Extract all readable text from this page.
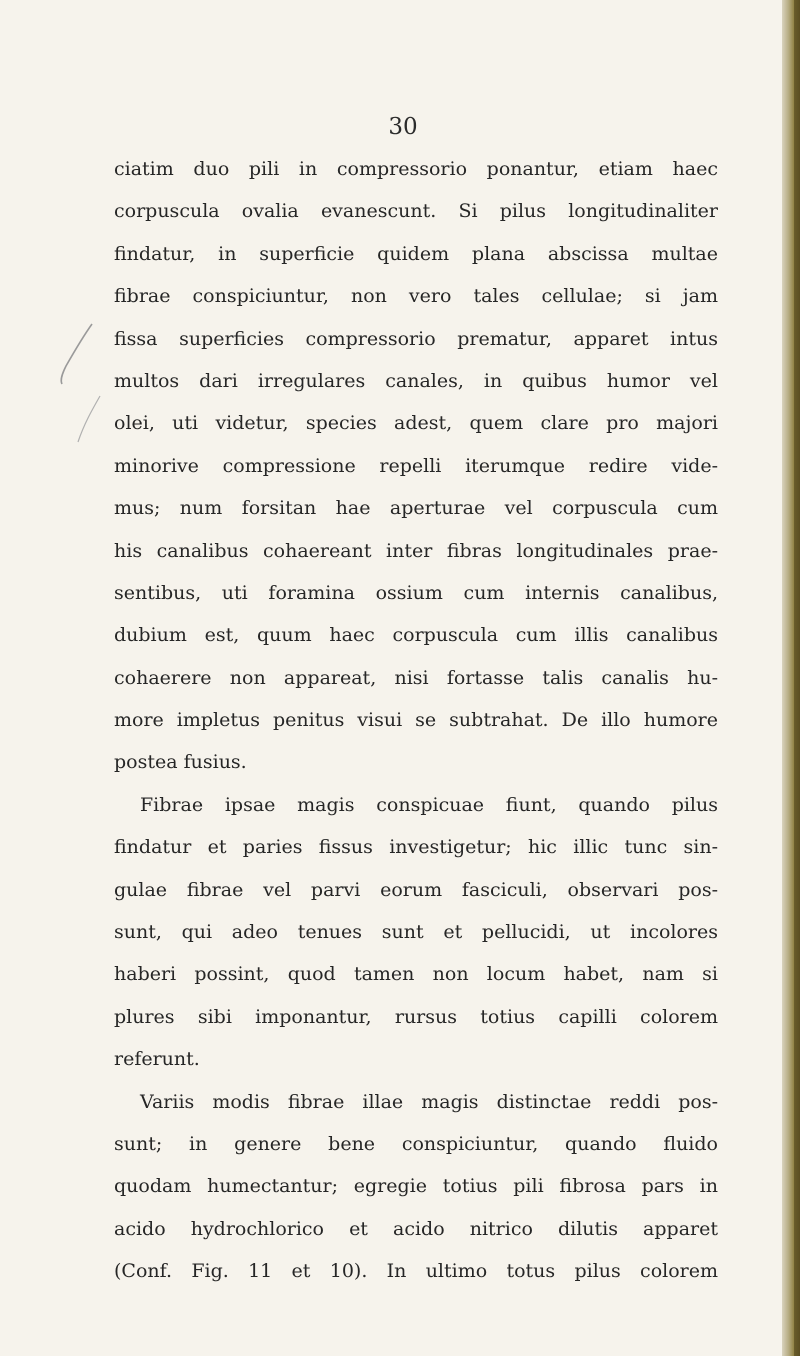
30
ciatim duo pili in compressorio ponantur, etiam haec
corpuscula ovalia evanescunt. Si pilus longitudinaliter
findatur, in superficie quidem plana abscissa multae
fibrae conspiciuntur, non vero tales cellulae; si jam
fissa superficies compressorio prematur, apparet intus
multos dari irregulares canales, in quibus humor vel
olei, uti videtur, species adest, quem clare pro majori
minorive compressione repelli iterumque redire vide-
mus; num forsitan hae aperturae vel corpuscula cum
his canalibus cohaereant inter fibras longitudinales prae-
sentibus, uti foramina ossium cum internis canalibus,
dubium est, quum haec corpuscula cum illis canalibus
cohaerere non appareat, nisi fortasse talis canalis hu-
more impletus penitus visui se subtrahat. De illo humore
postea fusius.
Fibrae ipsae magis conspicuae fiunt, quando pilus
findatur et paries fissus investigetur; hic illic tunc sin-
gulae fibrae vel parvi eorum fasciculi, observari pos-
sunt, qui adeo tenues sunt et pellucidi, ut incolores
haberi possint, quod tamen non locum habet, nam si
plures sibi imponantur, rursus totius capilli colorem
referunt.
Variis modis fibrae illae magis distinctae reddi pos-
sunt; in genere bene conspiciuntur, quando fluido
quodam humectantur; egregie totius pili fibrosa pars in
acido hydrochlorico et acido nitrico dilutis apparet
(Conf. Fig. 11 et 10). In ultimo totus pilus colorem
